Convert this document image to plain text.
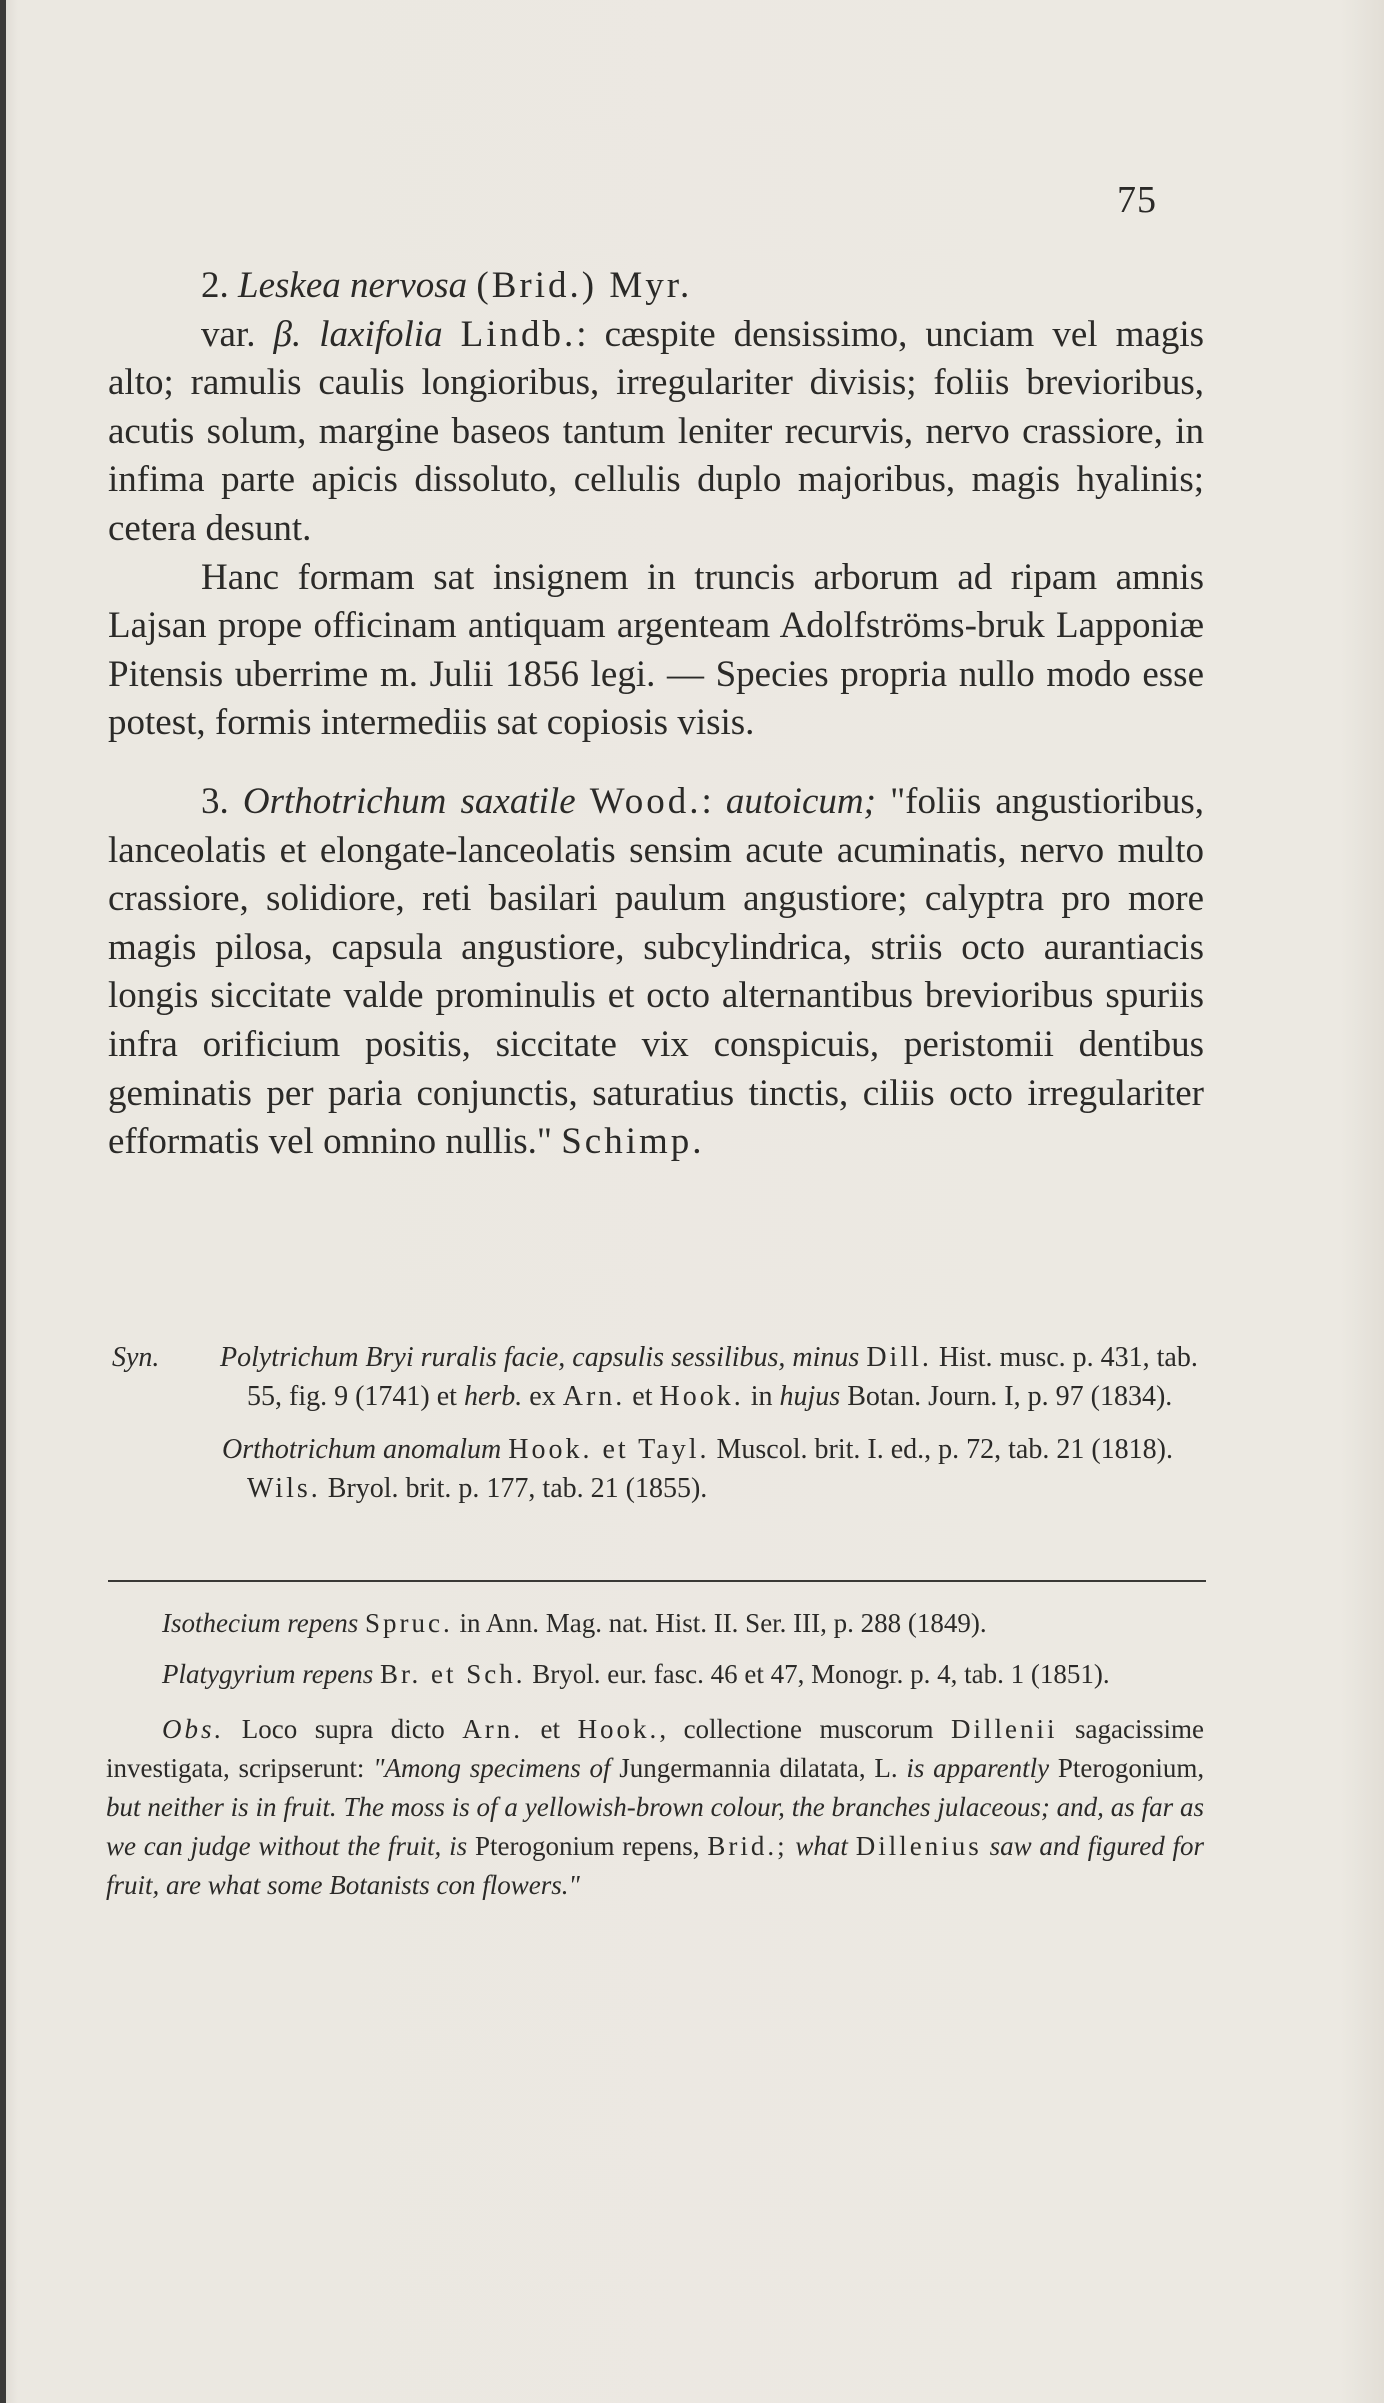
75

2. Leskea nervosa (Brid.) Myr.

var. β. laxifolia Lindb.: cæspite densissimo, unciam vel magis alto; ramulis caulis longioribus, irregulariter divisis; foliis brevioribus, acutis solum, margine baseos tantum leniter recurvis, nervo crassiore, in infima parte apicis dissoluto, cellulis duplo majoribus, magis hyalinis; cetera desunt.

Hanc formam sat insignem in truncis arborum ad ripam amnis Lajsan prope officinam antiquam argenteam Adolfströms-bruk Lapponiæ Pitensis uberrime m. Julii 1856 legi. — Species propria nullo modo esse potest, formis intermediis sat copiosis visis.

3. Orthotrichum saxatile Wood.: autoicum; "foliis angustioribus, lanceolatis et elongate-lanceolatis sensim acute acuminatis, nervo multo crassiore, solidiore, reti basilari paulum angustiore; calyptra pro more magis pilosa, capsula angustiore, subcylindrica, striis octo aurantiacis longis siccitate valde prominulis et octo alternantibus brevioribus spuriis infra orificium positis, siccitate vix conspicuis, peristomii dentibus geminatis per paria conjunctis, saturatius tinctis, ciliis octo irregulariter efformatis vel omnino nullis." Schimp.

Syn. Polytrichum Bryi ruralis facie, capsulis sessilibus, minus Dill. Hist. musc. p. 431, tab. 55, fig. 9 (1741) et herb. ex Arn. et Hook. in hujus Botan. Journ. I, p. 97 (1834).

Orthotrichum anomalum Hook. et Tayl. Muscol. brit. I. ed., p. 72, tab. 21 (1818). Wils. Bryol. brit. p. 177, tab. 21 (1855).

Isothecium repens Spruc. in Ann. Mag. nat. Hist. II. Ser. III, p. 288 (1849).

Platygyrium repens Br. et Sch. Bryol. eur. fasc. 46 et 47, Monogr. p. 4, tab. 1 (1851).

Obs. Loco supra dicto Arn. et Hook., collectione muscorum Dillenii sagacissime investigata, scripserunt: "Among specimens of Jungermannia dilatata, L. is apparently Pterogonium, but neither is in fruit. The moss is of a yellowish-brown colour, the branches julaceous; and, as far as we can judge without the fruit, is Pterogonium repens, Brid.; what Dillenius saw and figured for fruit, are what some Botanists con flowers."
